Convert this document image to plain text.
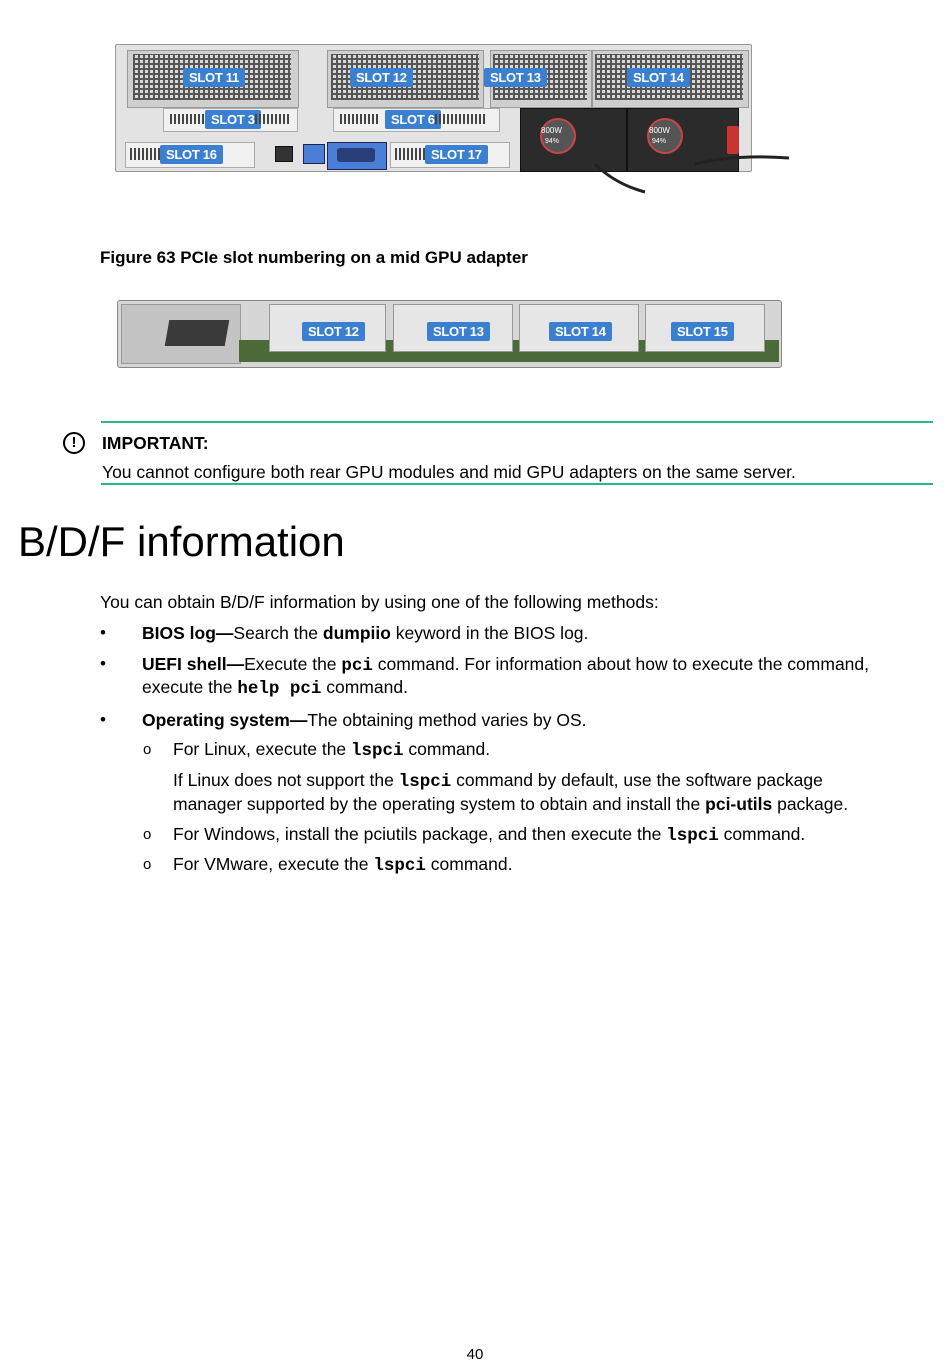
SLOT 11	SLOT 12	SLOT 13	SLOT 14
SLOT 3	SLOT 6
SLOT 16	SLOT 17
800W
94%
800W
94%
Figure 63 PCIe slot numbering on a mid GPU adapter
SLOT 12	SLOT 13	SLOT 14	SLOT 15
!	IMPORTANT:
You cannot configure both rear GPU modules and mid GPU adapters on the same server.
B/D/F information
You can obtain B/D/F information by using one of the following methods:
• BIOS log—Search the dumpiio keyword in the BIOS log.
• UEFI shell—Execute the pci command. For information about how to execute the command,
execute the help pci command.
• Operating system—The obtaining method varies by OS.
o For Linux, execute the lspci command.
If Linux does not support the lspci command by default, use the software package
manager supported by the operating system to obtain and install the pci-utils package.
o For Windows, install the pciutils package, and then execute the lspci command.
o For VMware, execute the lspci command.
40
